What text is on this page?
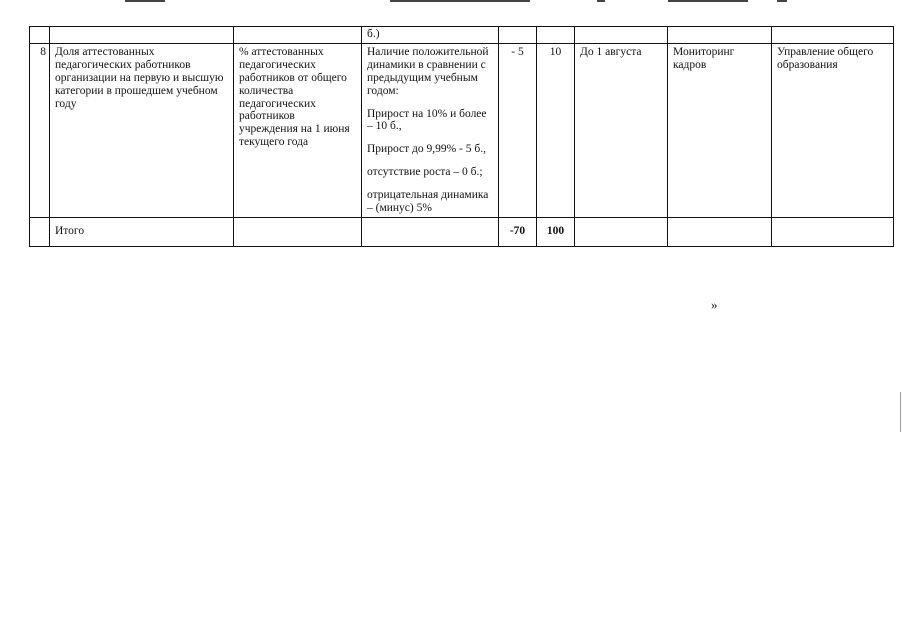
			б.)					
8	Доля аттестованных педагогических работников организации на первую и высшую категории в прошедшем учебном году	% аттестованных педагогических работников от общего количества педагогических работников учреждения на 1 июня текущего года	Наличие положительной динамики в сравнении с предыдущим учебным годом:

Прирост на 10% и более – 10 б.,

Прирост до 9,99% - 5 б.,

отсутствие роста – 0 б.;

отрицательная динамика – (минус) 5%	- 5	10	До 1 августа	Мониторинг кадров	Управление общего образования
	Итого			-70	100			
»
